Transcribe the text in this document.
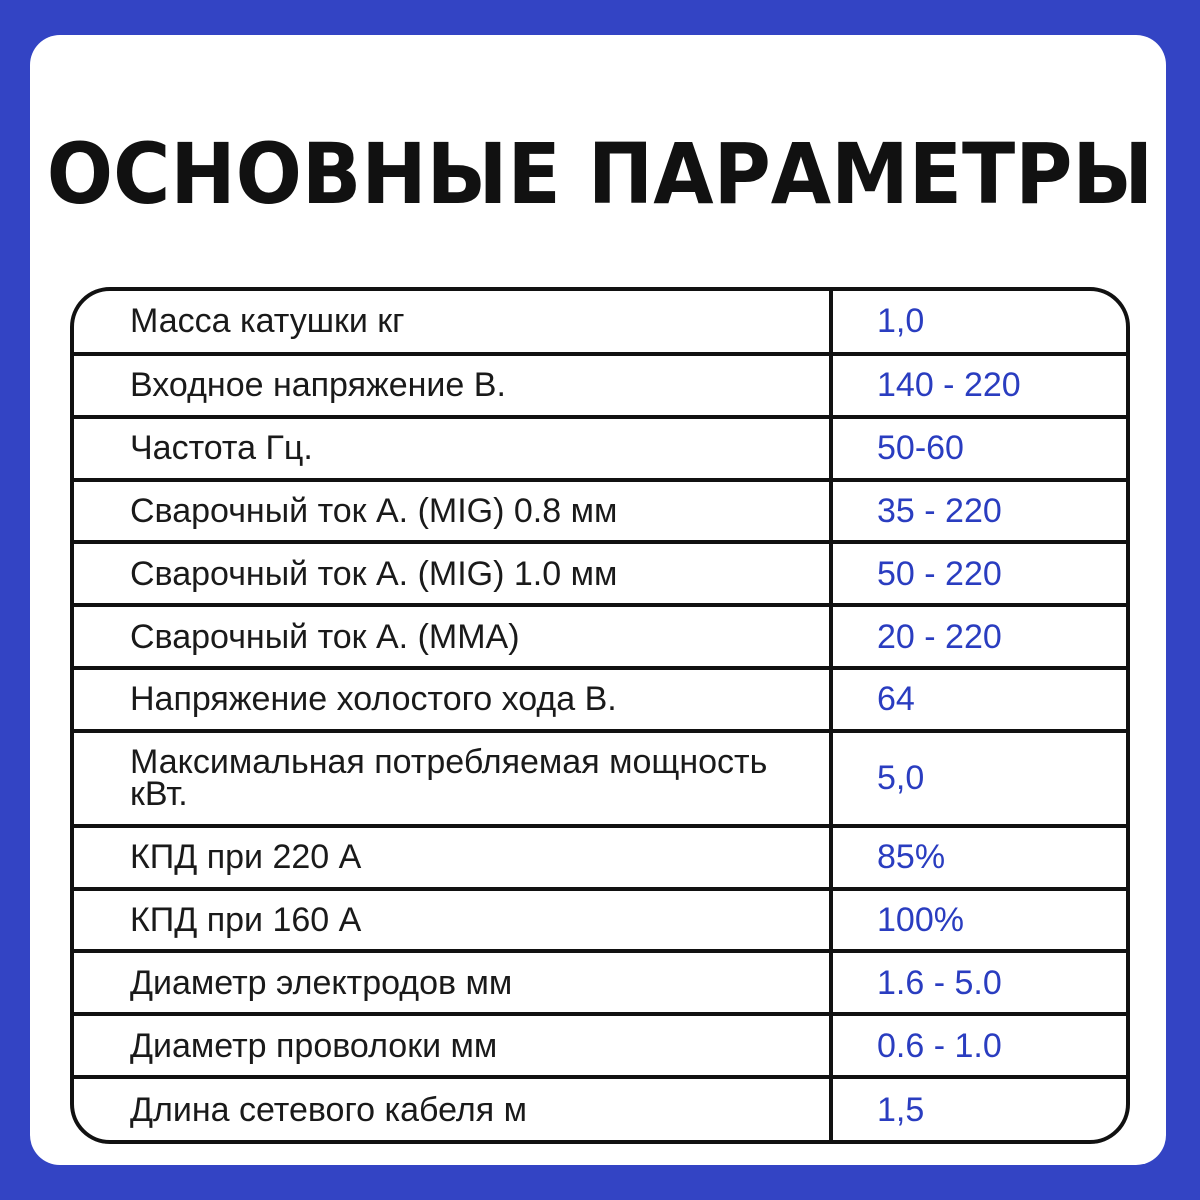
ОСНОВНЫЕ ПАРАМЕТРЫ
Масса катушки кг	1,0
Входное напряжение В.	140 - 220
Частота Гц.	50-60
Сварочный ток А. (MIG) 0.8 мм	35 - 220
Сварочный ток А. (MIG) 1.0 мм	50 - 220
Сварочный ток А. (MMA)	20 - 220
Напряжение холостого хода В.	64
Максимальная потребляемая мощность кВт.	5,0
КПД при 220 А	85%
КПД при 160 А	100%
Диаметр электродов мм	1.6 - 5.0
Диаметр проволоки мм	0.6 - 1.0
Длина сетевого кабеля м	1,5
